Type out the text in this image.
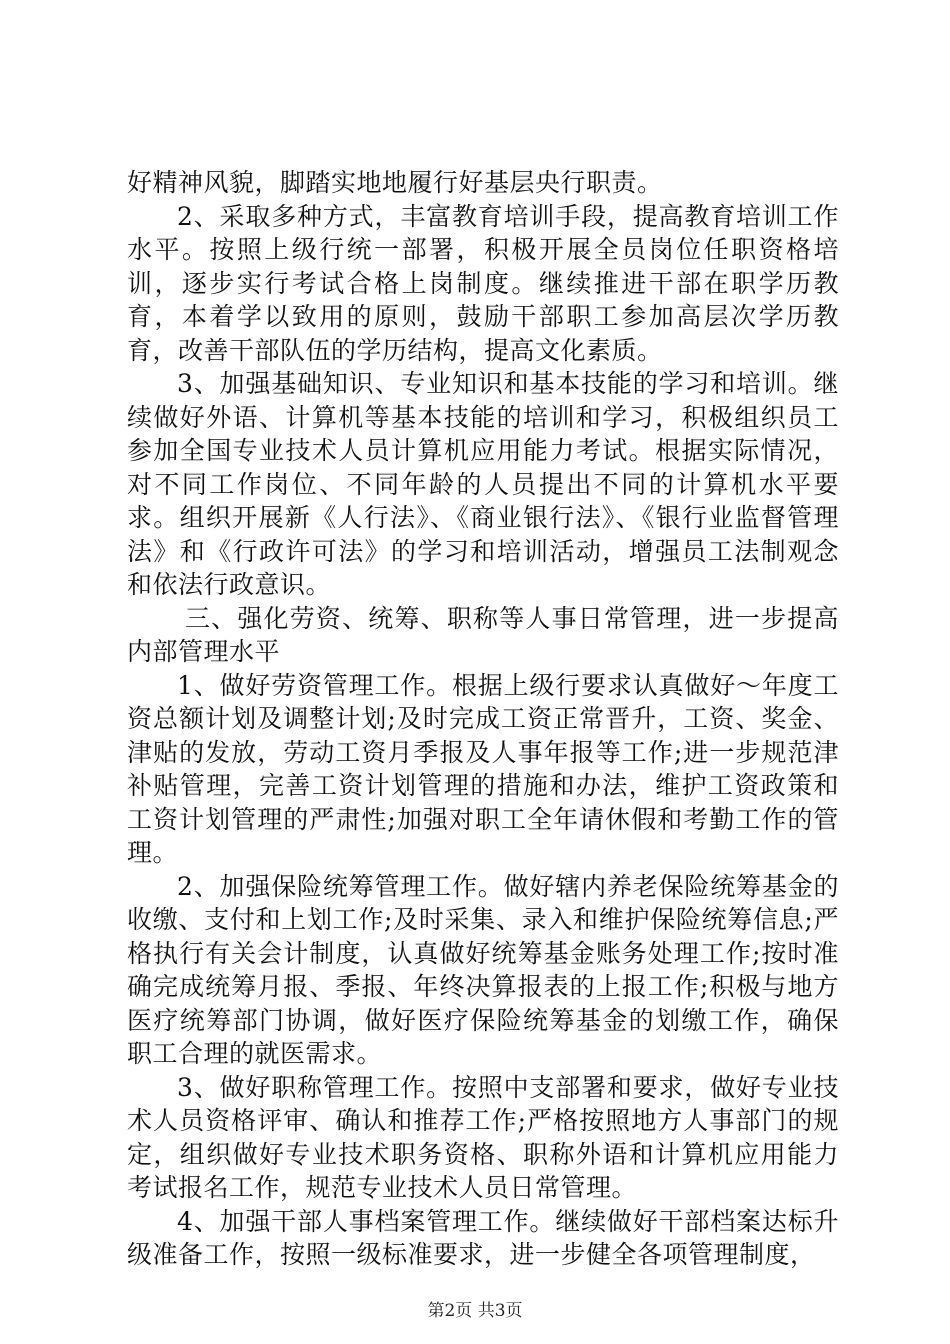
好精神风貌，脚踏实地地履行好基层央行职责。

2、采取多种方式，丰富教育培训手段，提高教育培训工作水平。按照上级行统一部署，积极开展全员岗位任职资格培训，逐步实行考试合格上岗制度。继续推进干部在职学历教育，本着学以致用的原则，鼓励干部职工参加高层次学历教育，改善干部队伍的学历结构，提高文化素质。

3、加强基础知识、专业知识和基本技能的学习和培训。继续做好外语、计算机等基本技能的培训和学习，积极组织员工参加全国专业技术人员计算机应用能力考试。根据实际情况，对不同工作岗位、不同年龄的人员提出不同的计算机水平要求。组织开展新《人行法》、《商业银行法》、《银行业监督管理法》和《行政许可法》的学习和培训活动，增强员工法制观念和依法行政意识。

三、强化劳资、统筹、职称等人事日常管理，进一步提高内部管理水平

1、做好劳资管理工作。根据上级行要求认真做好～年度工资总额计划及调整计划;及时完成工资正常晋升，工资、奖金、津贴的发放，劳动工资月季报及人事年报等工作;进一步规范津补贴管理，完善工资计划管理的措施和办法，维护工资政策和工资计划管理的严肃性;加强对职工全年请休假和考勤工作的管理。

2、加强保险统筹管理工作。做好辖内养老保险统筹基金的收缴、支付和上划工作;及时采集、录入和维护保险统筹信息;严格执行有关会计制度，认真做好统筹基金账务处理工作;按时准确完成统筹月报、季报、年终决算报表的上报工作;积极与地方医疗统筹部门协调，做好医疗保险统筹基金的划缴工作，确保职工合理的就医需求。

3、做好职称管理工作。按照中支部署和要求，做好专业技术人员资格评审、确认和推荐工作;严格按照地方人事部门的规定，组织做好专业技术职务资格、职称外语和计算机应用能力考试报名工作，规范专业技术人员日常管理。

4、加强干部人事档案管理工作。继续做好干部档案达标升级准备工作，按照一级标准要求，进一步健全各项管理制度，

第2页 共3页
